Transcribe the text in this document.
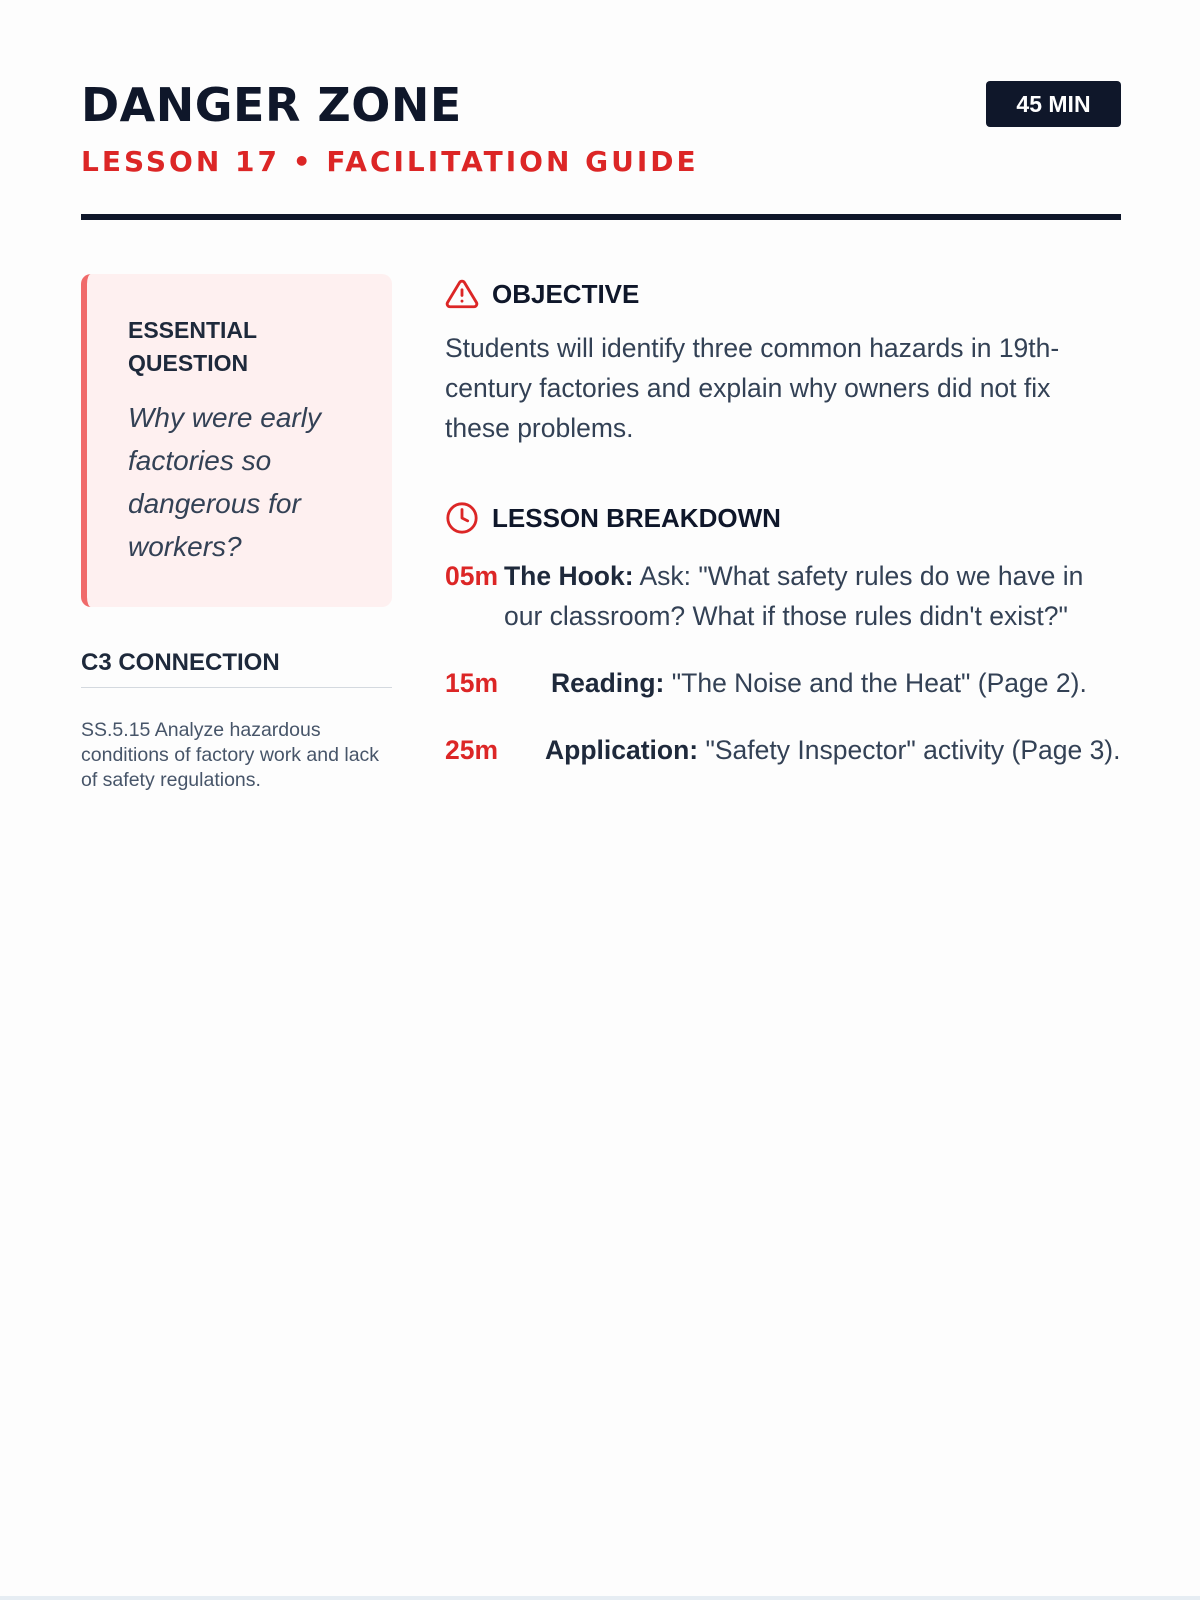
DANGER ZONE
LESSON 17 • FACILITATION GUIDE
45 MIN
ESSENTIAL QUESTION
Why were early factories so dangerous for workers?
C3 CONNECTION
SS.5.15 Analyze hazardous conditions of factory work and lack of safety regulations.
OBJECTIVE

Students will identify three common hazards in 19th-century factories and explain why owners did not fix these problems.

LESSON BREAKDOWN
05m The Hook: Ask: "What safety rules do we have in our classroom? What if those rules didn't exist?"
15m	Reading: "The Noise and the Heat" (Page 2).
25m	Application: "Safety Inspector" activity (Page 3).
